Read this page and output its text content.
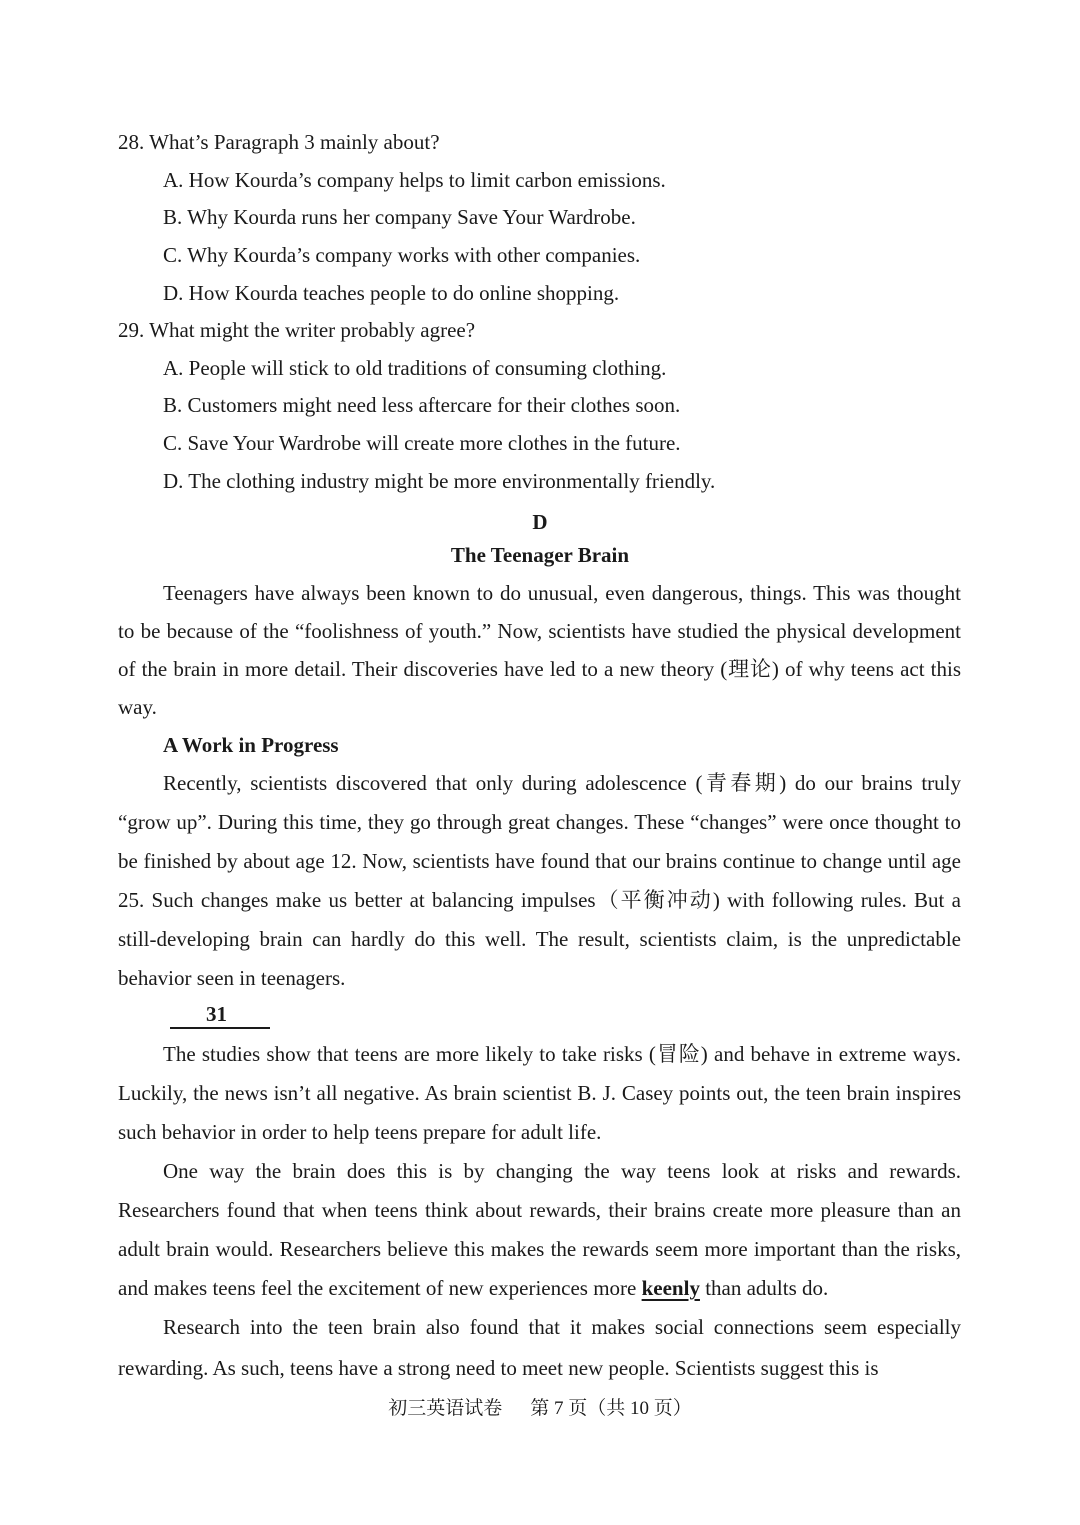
28. What’s Paragraph 3 mainly about?
A. How Kourda’s company helps to limit carbon emissions.
B. Why Kourda runs her company Save Your Wardrobe.
C. Why Kourda’s company works with other companies.
D. How Kourda teaches people to do online shopping.
29. What might the writer probably agree?
A. People will stick to old traditions of consuming clothing.
B. Customers might need less aftercare for their clothes soon.
C. Save Your Wardrobe will create more clothes in the future.
D. The clothing industry might be more environmentally friendly.
D
The Teenager Brain

Teenagers have always been known to do unusual, even dangerous, things. This was thought to be because of the “foolishness of youth.” Now, scientists have studied the physical development of the brain in more detail. Their discoveries have led to a new theory (理论) of why teens act this way.

A Work in Progress

Recently, scientists discovered that only during adolescence (青春期) do our brains truly “grow up”. During this time, they go through great changes. These “changes” were once thought to be finished by about age 12. Now, scientists have found that our brains continue to change until age 25. Such changes make us better at balancing impulses（平衡冲动) with following rules. But a still-developing brain can hardly do this well. The result, scientists claim, is the unpredictable behavior seen in teenagers.

31

The studies show that teens are more likely to take risks (冒险) and behave in extreme ways. Luckily, the news isn’t all negative. As brain scientist B. J. Casey points out, the teen brain inspires such behavior in order to help teens prepare for adult life.

One way the brain does this is by changing the way teens look at risks and rewards. Researchers found that when teens think about rewards, their brains create more pleasure than an adult brain would. Researchers believe this makes the rewards seem more important than the risks, and makes teens feel the excitement of new experiences more keenly than adults do.

Research into the teen brain also found that it makes social connections seem especially rewarding. As such, teens have a strong need to meet new people. Scientists suggest this is

初三英语试卷 第 7 页（共 10 页）
